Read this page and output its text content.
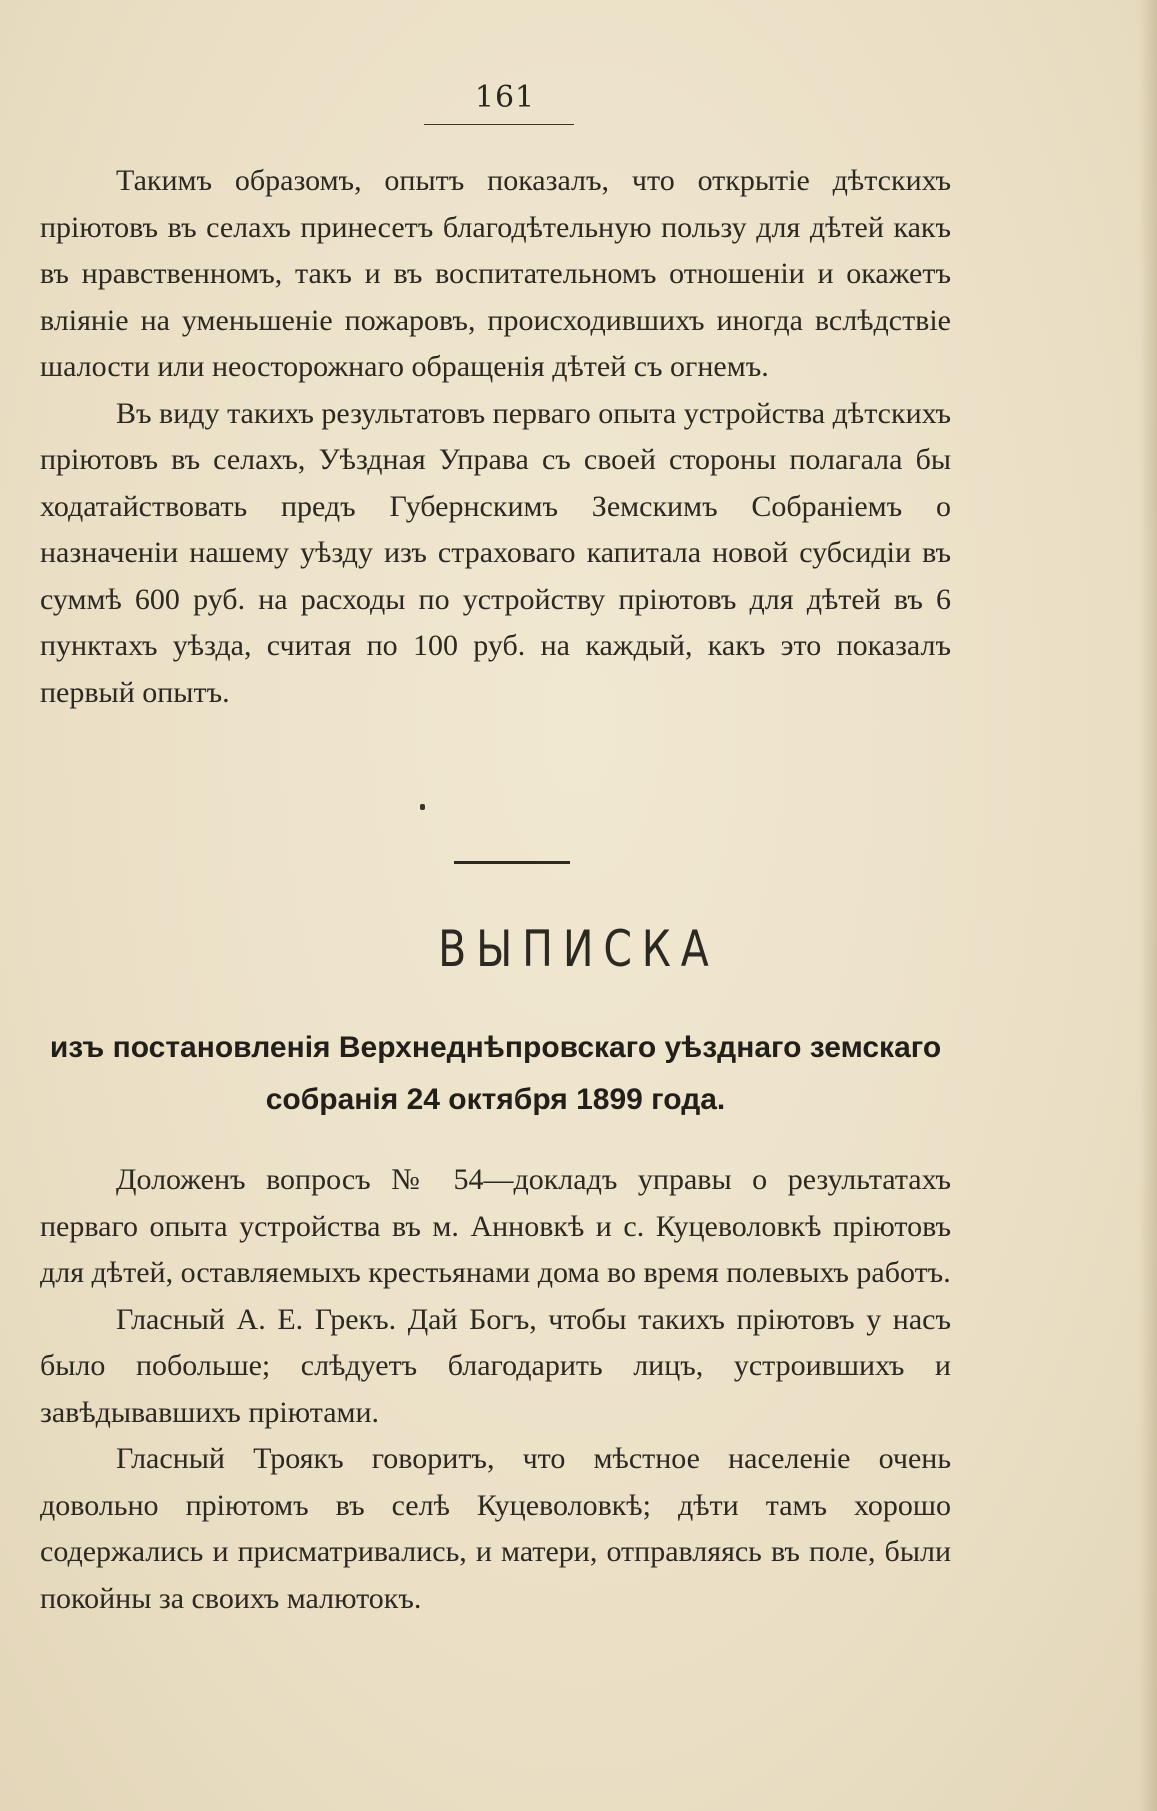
161

Такимъ образомъ, опытъ показалъ, что открытіе дѣтскихъ пріютовъ въ селахъ принесетъ благодѣтельную пользу для дѣтей какъ въ нравственномъ, такъ и въ воспитательномъ отношеніи и окажетъ вліяніе на уменьшеніе пожаровъ, происходившихъ иногда вслѣдствіе шалости или неосторожнаго обращенія дѣтей съ огнемъ.

Въ виду такихъ результатовъ перваго опыта устройства дѣтскихъ пріютовъ въ селахъ, Уѣздная Управа съ своей стороны полагала бы ходатайствовать предъ Губернскимъ Земскимъ Собраніемъ о назначеніи нашему уѣзду изъ страховаго капитала новой субсидіи въ суммѣ 600 руб. на расходы по устройству пріютовъ для дѣтей въ 6 пунктахъ уѣзда, считая по 100 руб. на каждый, какъ это показалъ первый опытъ.

ВЫПИСКА
изъ постановленія Верхнеднѣпровскаго уѣзднаго земскаго
собранія 24 октября 1899 года.

Доложенъ вопросъ № 54—докладъ управы о результатахъ перваго опыта устройства въ м. Анновкѣ и с. Куцеволовкѣ пріютовъ для дѣтей, оставляемыхъ крестьянами дома во время полевыхъ работъ.

Гласный А. Е. Грекъ. Дай Богъ, чтобы такихъ пріютовъ у насъ было побольше; слѣдуетъ благодарить лицъ, устроившихъ и завѣдывавшихъ пріютами.

Гласный Троякъ говоритъ, что мѣстное населеніе очень довольно пріютомъ въ селѣ Куцеволовкѣ; дѣти тамъ хорошо содержались и присматривались, и матери, отправляясь въ поле, были покойны за своихъ малютокъ.
